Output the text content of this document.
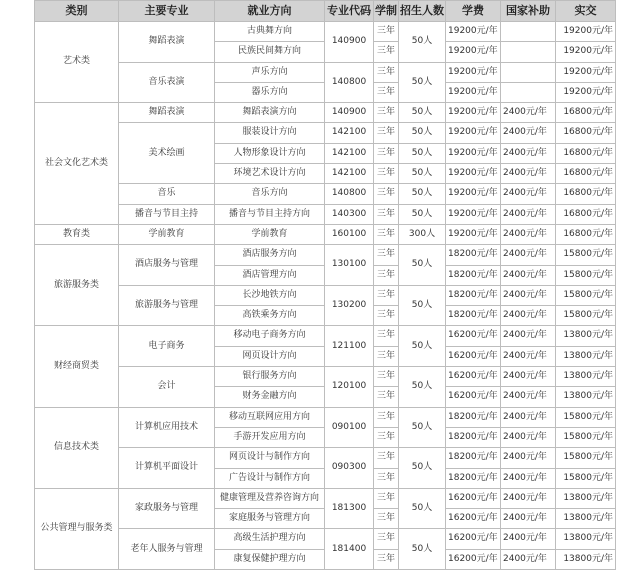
类别	主要专业	就业方向	专业代码	学制	招生人数	学费	国家补助	实交
艺术类	舞蹈表演	古典舞方向	140900	三年	50人	19200元/年		19200元/年
		民族民间舞方向		三年		19200元/年		19200元/年
	音乐表演	声乐方向	140800	三年	50人	19200元/年		19200元/年
		器乐方向		三年		19200元/年		19200元/年
社会文化艺术类	舞蹈表演	舞蹈表演方向	140900	三年	50人	19200元/年	2400元/年	16800元/年
	美术绘画	服装设计方向	142100	三年	50人	19200元/年	2400元/年	16800元/年
		人物形象设计方向	142100	三年	50人	19200元/年	2400元/年	16800元/年
		环境艺术设计方向	142100	三年	50人	19200元/年	2400元/年	16800元/年
	音乐	音乐方向	140800	三年	50人	19200元/年	2400元/年	16800元/年
	播音与节目主持	播音与节目主持方向	140300	三年	50人	19200元/年	2400元/年	16800元/年
教育类	学前教育	学前教育	160100	三年	300人	19200元/年	2400元/年	16800元/年
旅游服务类	酒店服务与管理	酒店服务方向	130100	三年	50人	18200元/年	2400元/年	15800元/年
		酒店管理方向		三年		18200元/年	2400元/年	15800元/年
	旅游服务与管理	长沙地铁方向	130200	三年	50人	18200元/年	2400元/年	15800元/年
		高铁乘务方向		三年		18200元/年	2400元/年	15800元/年
财经商贸类	电子商务	移动电子商务方向	121100	三年	50人	16200元/年	2400元/年	13800元/年
		网页设计方向		三年		16200元/年	2400元/年	13800元/年
	会计	银行服务方向	120100	三年	50人	16200元/年	2400元/年	13800元/年
		财务金融方向		三年		16200元/年	2400元/年	13800元/年
信息技术类	计算机应用技术	移动互联网应用方向	090100	三年	50人	18200元/年	2400元/年	15800元/年
		手游开发应用方向		三年		18200元/年	2400元/年	15800元/年
	计算机平面设计	网页设计与制作方向	090300	三年	50人	18200元/年	2400元/年	15800元/年
		广告设计与制作方向		三年		18200元/年	2400元/年	15800元/年
公共管理与服务类	家政服务与管理	健康管理及营养咨询方向	181300	三年	50人	16200元/年	2400元/年	13800元/年
		家庭服务与管理方向		三年		16200元/年	2400元/年	13800元/年
	老年人服务与管理	高级生活护理方向	181400	三年	50人	16200元/年	2400元/年	13800元/年
		康复保健护理方向		三年		16200元/年	2400元/年	13800元/年
